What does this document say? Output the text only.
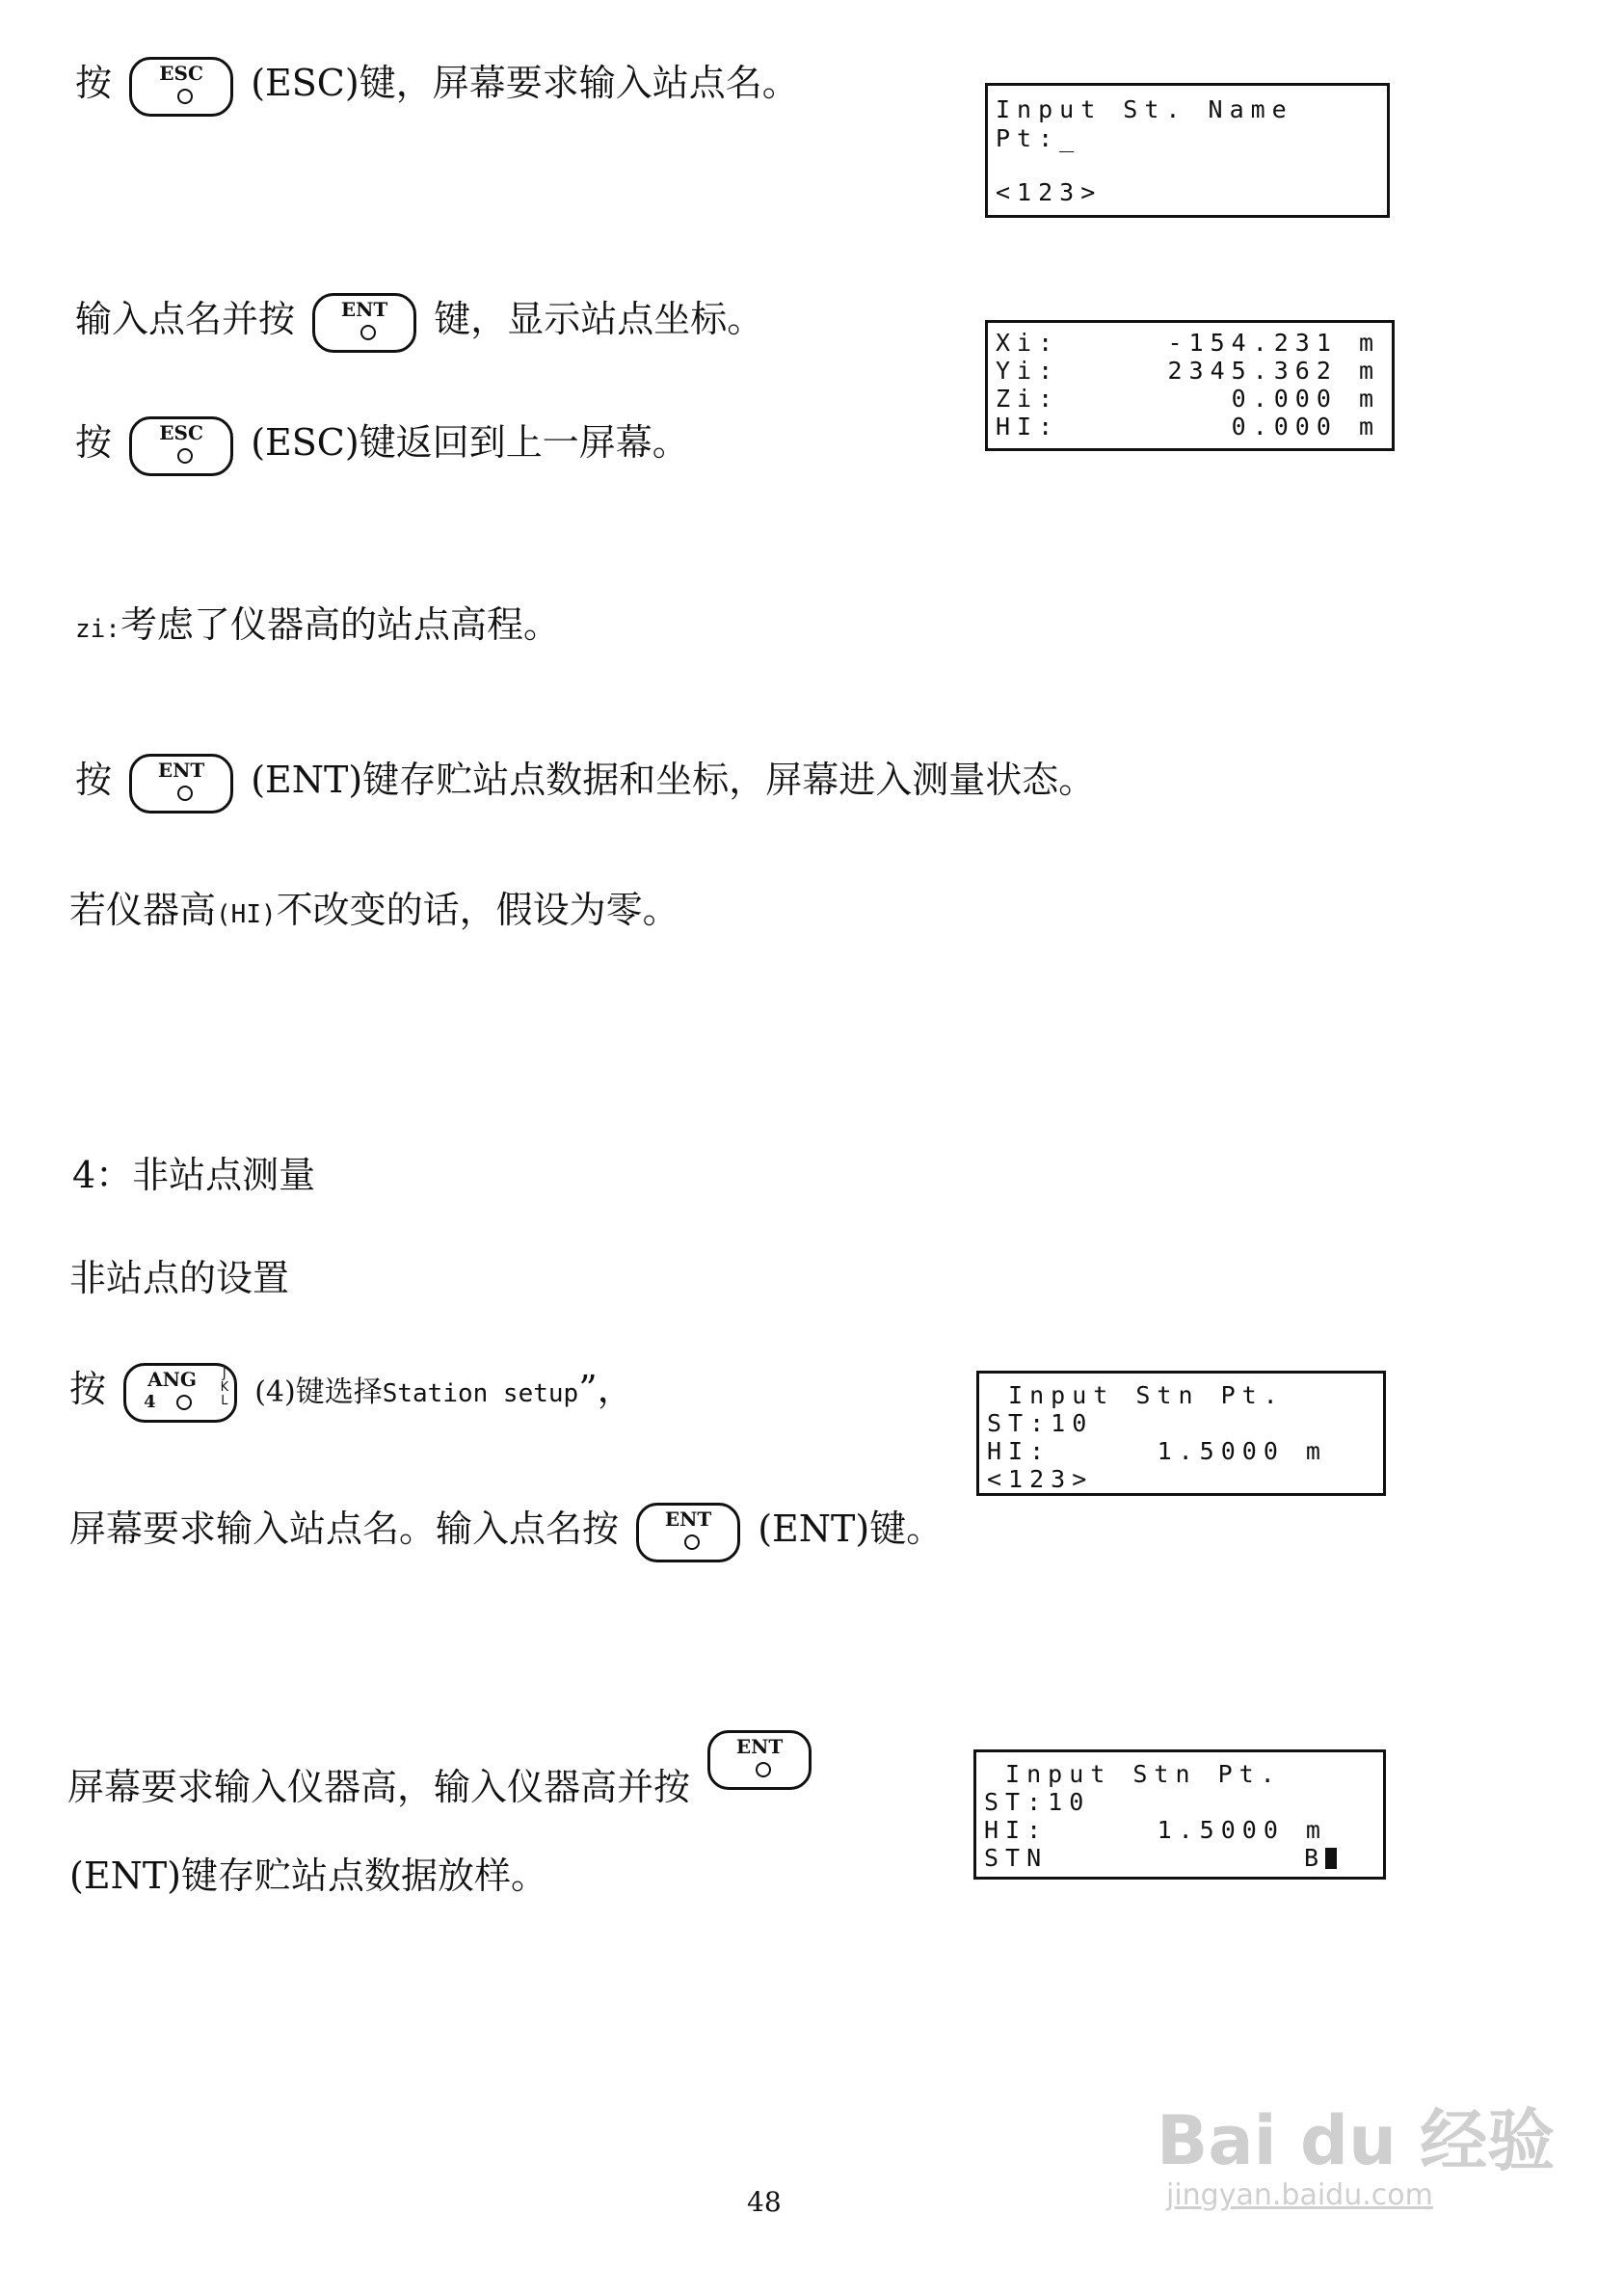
按	ESC	(ESC)键，屏幕要求输入站点名。
Input St. Name
Pt:_
<123>
输入点名并按	ENT	键，显示站点坐标。
Xi:	-154.231 m
Yi:	2345.362 m
Zi:	0.000 m
HI:	0.000 m
按	ESC	(ESC)键返回到上一屏幕。
zi:考虑了仪器高的站点高程。
按	ENT	(ENT)键存贮站点数据和坐标，屏幕进入测量状态。
若仪器高(HI)不改变的话，假设为零。
4：非站点测量
非站点的设置
按 ANG
4
J
K
L (4)键选择Station setup”，	Input Stn Pt.
ST:10
HI:	1.5000 m
<123>
屏幕要求输入站点名。输入点名按	ENT	(ENT)键。
屏幕要求输入仪器高，输入仪器高并按
ENT
Input Stn Pt.
ST:10
HI:	1.5000 m
STN	B
(ENT)键存贮站点数据放样。
48
Bai du 经验
jingyan.baidu.com
